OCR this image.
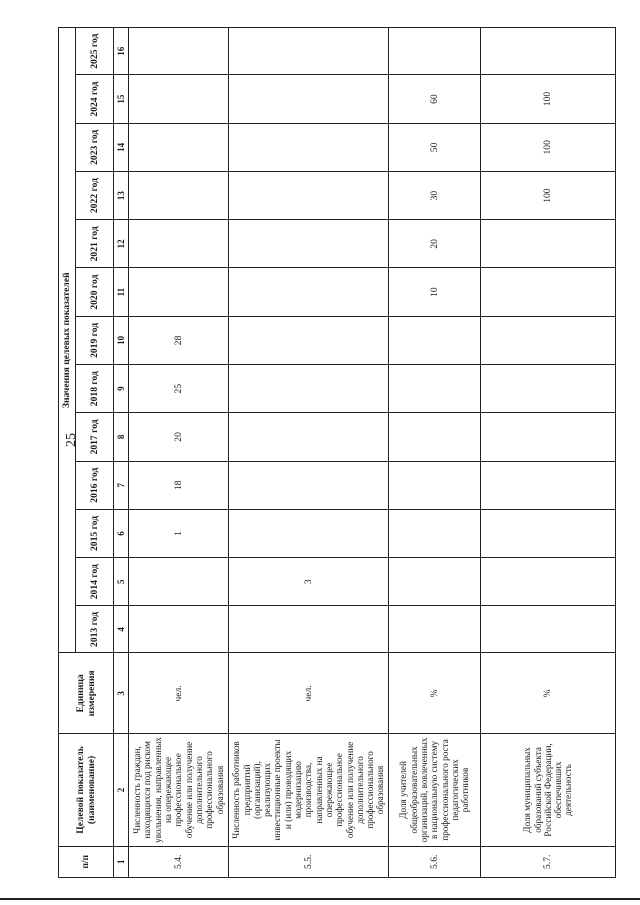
25
п/п	Целевой показатель (наименование)	Единица измерения	Значения целевых показателей												
			2013 год	2014 год	2015 год	2016 год	2017 год	2018 год	2019 год	2020 год	2021 год	2022 год	2023 год	2024 год	2025 год
1	2	3	4	5	6	7	8	9	10	11	12	13	14	15	16
5.4.	Численность граждан, находящихся под риском увольнения, направленных на опережающее профессиональное обучение или получение дополнительного профессионального образования	чел.			1	18	20	25	28						
5.5.	Численность работников предприятий (организаций), реализующих инвестиционные проекты и (или) проводящих модернизацию производства, направленных на опережающее профессиональное обучение или получение дополнительного профессионального образования	чел.		3											
5.6.	Доля учителей общеобразовательных организаций, вовлеченных в национальную систему профессионального роста педагогических работников	%								10	20	30	50	60	
5.7.	Доля муниципальных образований субъекта Российской Федерации, обеспечивших деятельность	%										100	100	100	
